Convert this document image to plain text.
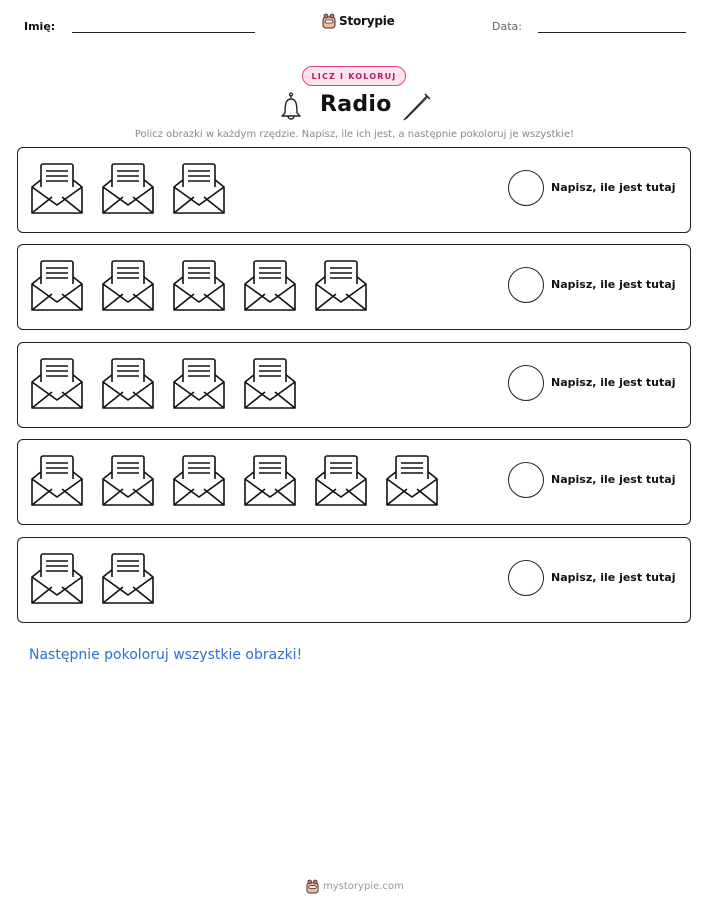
Imię:	Storypie	Data:
LICZ I KOLORUJ
Radio
Policz obrazki w każdym rzędzie. Napisz, ile ich jest, a następnie pokoloruj je wszystkie!
Napisz, ile jest tutaj
Napisz, ile jest tutaj
Napisz, ile jest tutaj
Napisz, ile jest tutaj
Napisz, ile jest tutaj
Następnie pokoloruj wszystkie obrazki!
mystorypie.com
